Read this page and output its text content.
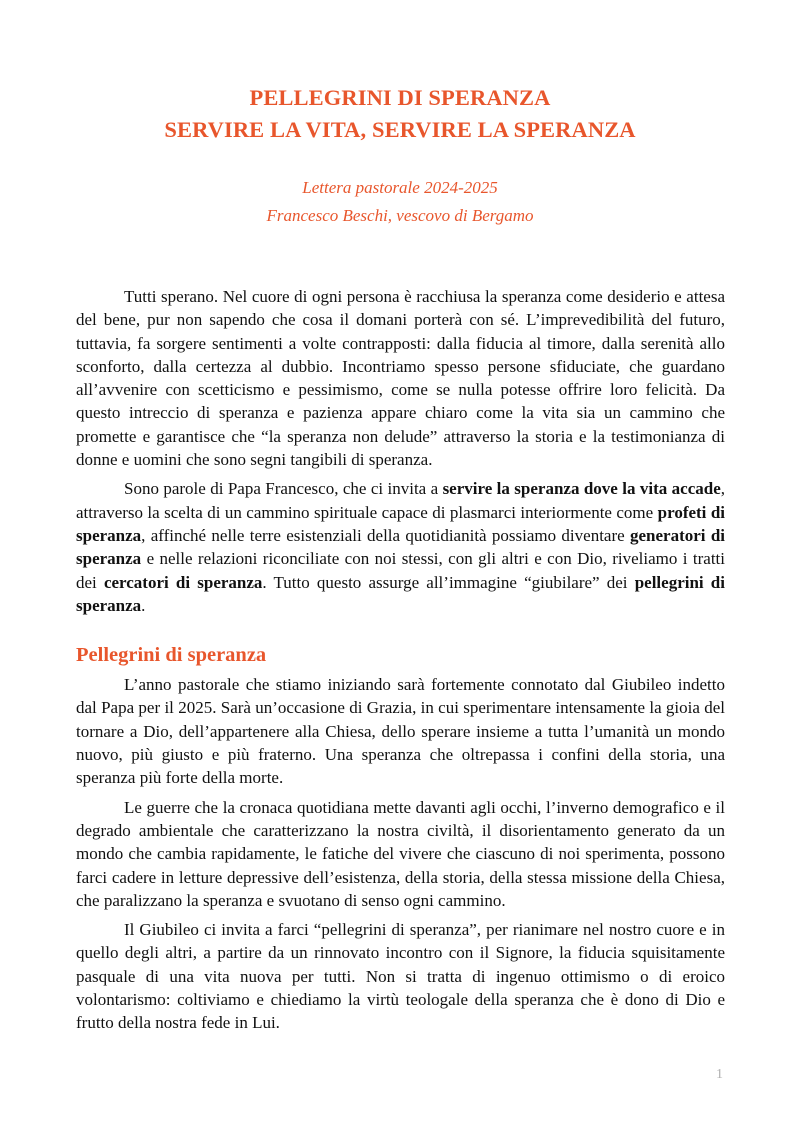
PELLEGRINI DI SPERANZA

SERVIRE LA VITA, SERVIRE LA SPERANZA

Lettera pastorale 2024-2025

Francesco Beschi, vescovo di Bergamo

Tutti sperano. Nel cuore di ogni persona è racchiusa la speranza come desiderio e attesa del bene, pur non sapendo che cosa il domani porterà con sé. L’imprevedibilità del futuro, tuttavia, fa sorgere sentimenti a volte contrapposti: dalla fiducia al timore, dalla serenità allo sconforto, dalla certezza al dubbio. Incontriamo spesso persone sfiduciate, che guardano all’avvenire con scetticismo e pessimismo, come se nulla potesse offrire loro felicità. Da questo intreccio di speranza e pazienza appare chiaro come la vita sia un cammino che promette e garantisce che “la speranza non delude” attraverso la storia e la testimonianza di donne e uomini che sono segni tangibili di speranza.

Sono parole di Papa Francesco, che ci invita a servire la speranza dove la vita accade, attraverso la scelta di un cammino spirituale capace di plasmarci interiormente come profeti di speranza, affinché nelle terre esistenziali della quotidianità possiamo diventare generatori di speranza e nelle relazioni riconciliate con noi stessi, con gli altri e con Dio, riveliamo i tratti dei cercatori di speranza. Tutto questo assurge all’immagine “giubilare” dei pellegrini di speranza.

Pellegrini di speranza

L’anno pastorale che stiamo iniziando sarà fortemente connotato dal Giubileo indetto dal Papa per il 2025. Sarà un’occasione di Grazia, in cui sperimentare intensamente la gioia del tornare a Dio, dell’appartenere alla Chiesa, dello sperare insieme a tutta l’umanità un mondo nuovo, più giusto e più fraterno. Una speranza che oltrepassa i confini della storia, una speranza più forte della morte.

Le guerre che la cronaca quotidiana mette davanti agli occhi, l’inverno demografico e il degrado ambientale che caratterizzano la nostra civiltà, il disorientamento generato da un mondo che cambia rapidamente, le fatiche del vivere che ciascuno di noi sperimenta, possono farci cadere in letture depressive dell’esistenza, della storia, della stessa missione della Chiesa, che paralizzano la speranza e svuotano di senso ogni cammino.

Il Giubileo ci invita a farci “pellegrini di speranza”, per rianimare nel nostro cuore e in quello degli altri, a partire da un rinnovato incontro con il Signore, la fiducia squisitamente pasquale di una vita nuova per tutti. Non si tratta di ingenuo ottimismo o di eroico volontarismo: coltiviamo e chiediamo la virtù teologale della speranza che è dono di Dio e frutto della nostra fede in Lui.

1
